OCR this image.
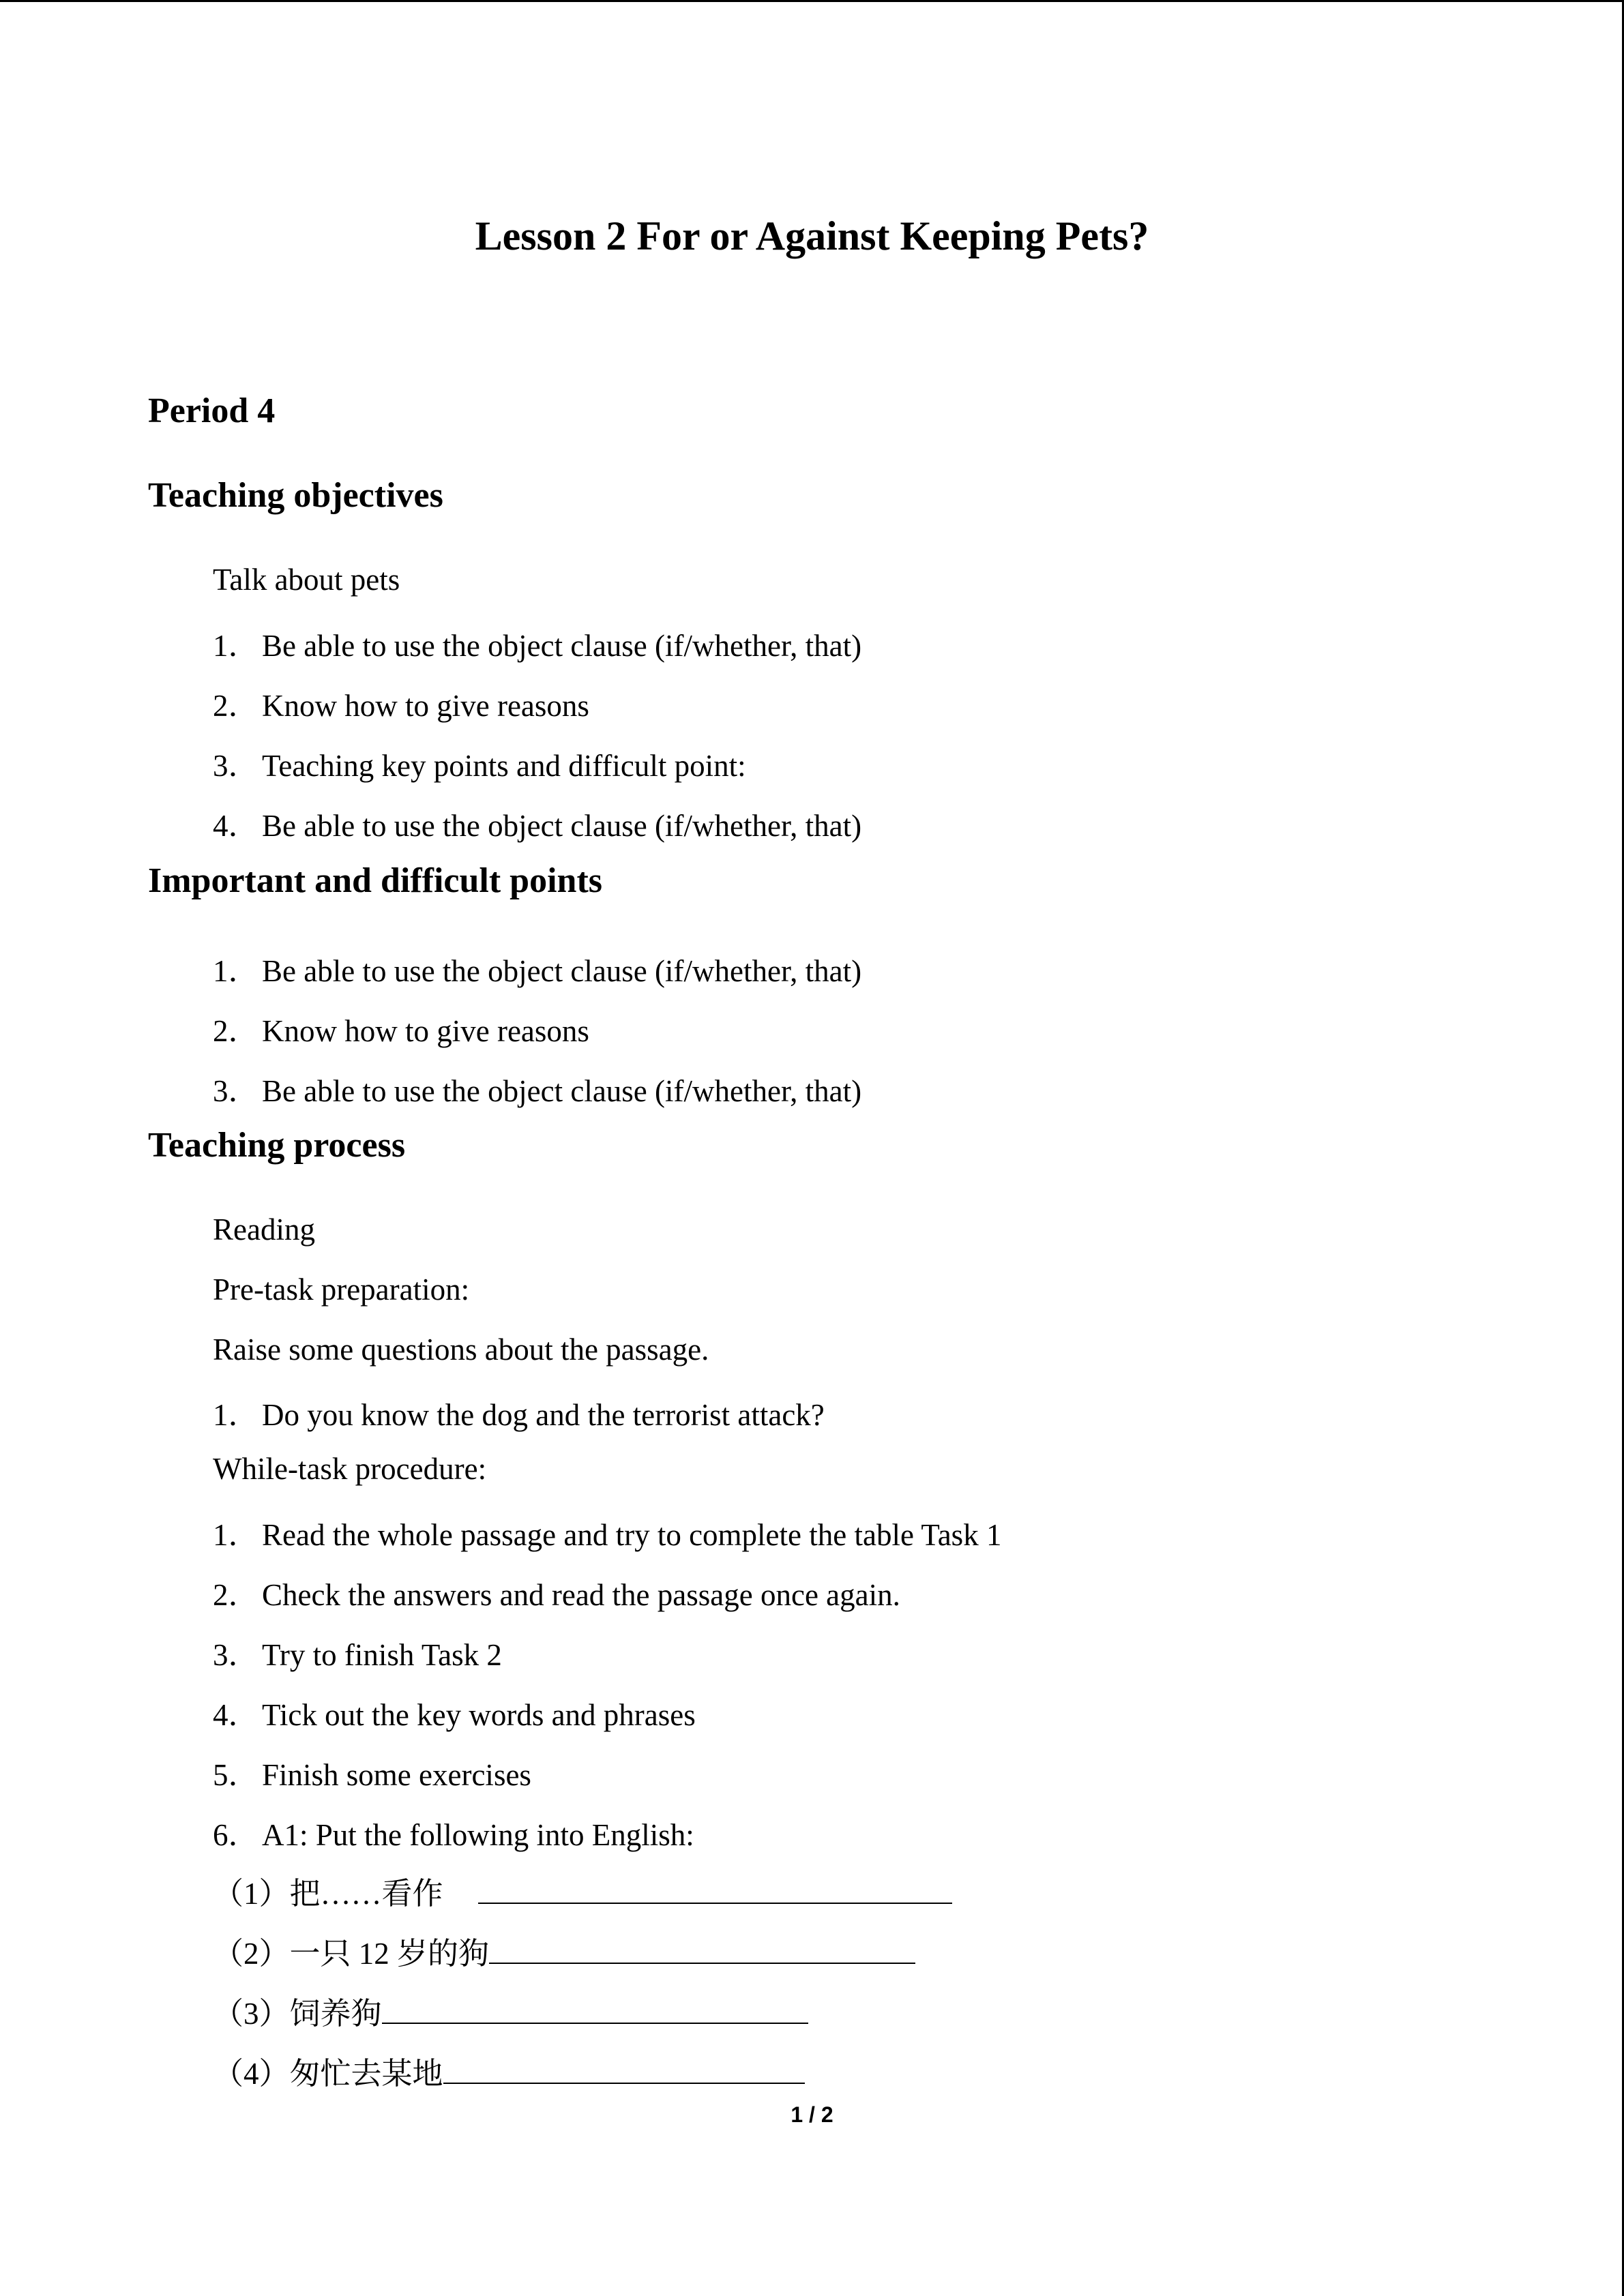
Lesson 2 For or Against Keeping Pets?
Period 4
Teaching objectives
Talk about pets
1．Be able to use the object clause (if/whether, that)
2．Know how to give reasons
3．Teaching key points and difficult point:
4．Be able to use the object clause (if/whether, that)
Important and difficult points
1．Be able to use the object clause (if/whether, that)
2．Know how to give reasons
3．Be able to use the object clause (if/whether, that)
Teaching process
Reading
Pre-task preparation:
Raise some questions about the passage.
1．Do you know the dog and the terrorist attack?
While-task procedure:
1．Read the whole passage and try to complete the table Task 1
2．Check the answers and read the passage once again.
3．Try to finish Task 2
4．Tick out the key words and phrases
5．Finish some exercises
6．A1: Put the following into English:
（1）把……看作
（2）一只 12 岁的狗
（3）饲养狗
（4）匆忙去某地
1 / 2
